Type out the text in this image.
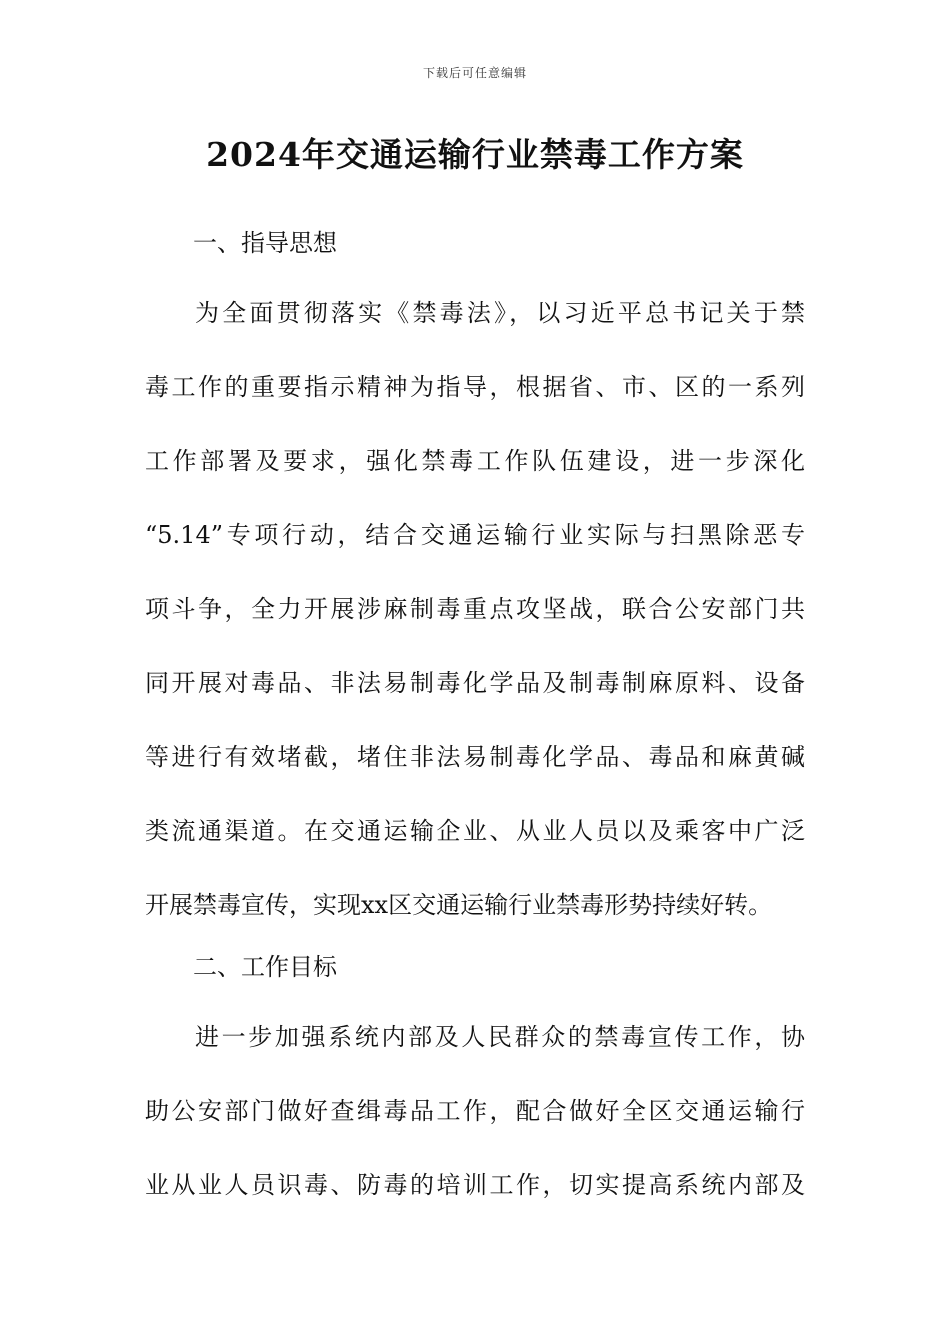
下载后可任意编辑
2024年交通运输行业禁毒工作方案

一、指导思想

为全面贯彻落实《禁毒法》，以习近平总书记关于禁

毒工作的重要指示精神为指导，根据省、市、区的一系列

工作部署及要求，强化禁毒工作队伍建设，进一步深化

“5.14”专项行动，结合交通运输行业实际与扫黑除恶专

项斗争，全力开展涉麻制毒重点攻坚战，联合公安部门共

同开展对毒品、非法易制毒化学品及制毒制麻原料、设备

等进行有效堵截，堵住非法易制毒化学品、毒品和麻黄碱

类流通渠道。在交通运输企业、从业人员以及乘客中广泛

开展禁毒宣传，实现xx区交通运输行业禁毒形势持续好转。

二、工作目标

进一步加强系统内部及人民群众的禁毒宣传工作，协

助公安部门做好查缉毒品工作，配合做好全区交通运输行

业从业人员识毒、防毒的培训工作，切实提高系统内部及
